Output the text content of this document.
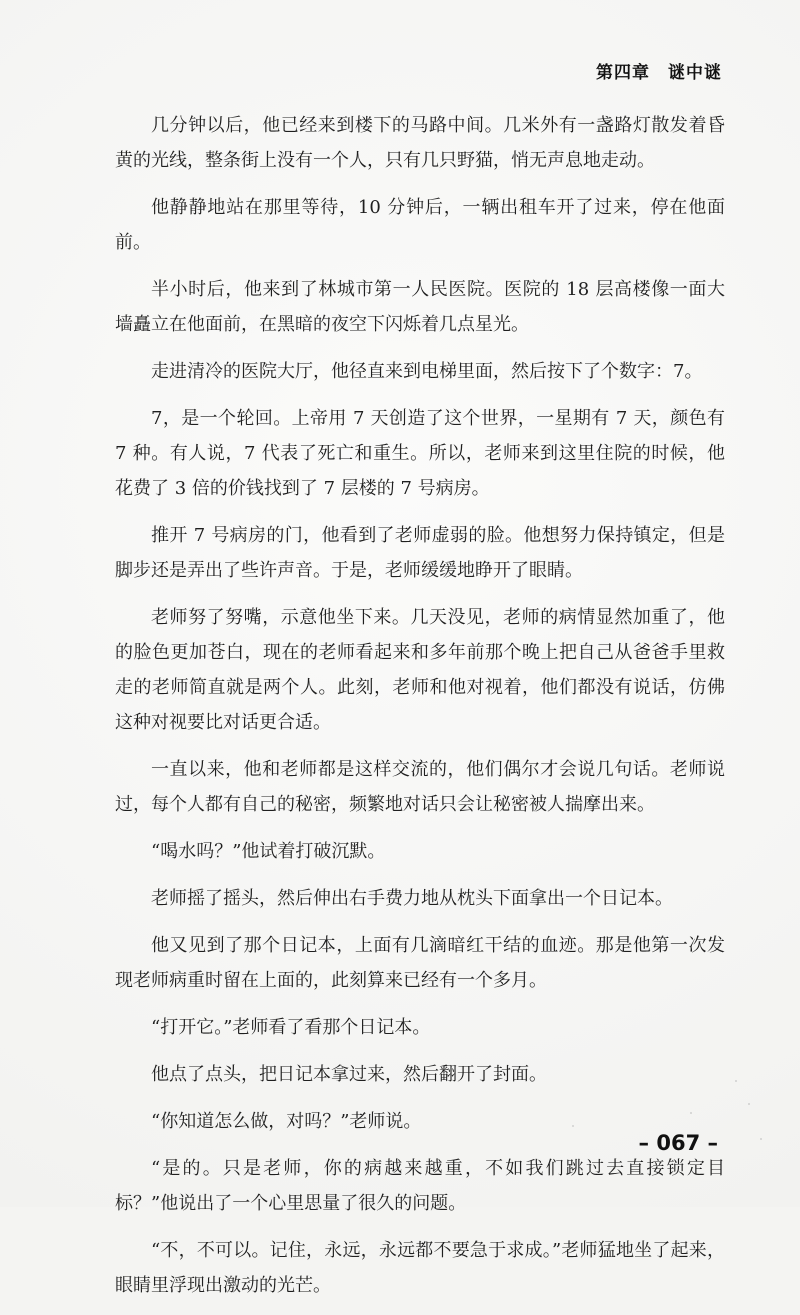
第四章　谜中谜

几分钟以后，他已经来到楼下的马路中间。几米外有一盏路灯散发着昏黄的光线，整条街上没有一个人，只有几只野猫，悄无声息地走动。

他静静地站在那里等待，10 分钟后，一辆出租车开了过来，停在他面前。

半小时后，他来到了林城市第一人民医院。医院的 18 层高楼像一面大墙矗立在他面前，在黑暗的夜空下闪烁着几点星光。

走进清冷的医院大厅，他径直来到电梯里面，然后按下了个数字：7。

7，是一个轮回。上帝用 7 天创造了这个世界，一星期有 7 天，颜色有 7 种。有人说，7 代表了死亡和重生。所以，老师来到这里住院的时候，他花费了 3 倍的价钱找到了 7 层楼的 7 号病房。

推开 7 号病房的门，他看到了老师虚弱的脸。他想努力保持镇定，但是脚步还是弄出了些许声音。于是，老师缓缓地睁开了眼睛。

老师努了努嘴，示意他坐下来。几天没见，老师的病情显然加重了，他的脸色更加苍白，现在的老师看起来和多年前那个晚上把自己从爸爸手里救走的老师简直就是两个人。此刻，老师和他对视着，他们都没有说话，仿佛这种对视要比对话更合适。

一直以来，他和老师都是这样交流的，他们偶尔才会说几句话。老师说过，每个人都有自己的秘密，频繁地对话只会让秘密被人揣摩出来。

“喝水吗？”他试着打破沉默。

老师摇了摇头，然后伸出右手费力地从枕头下面拿出一个日记本。

他又见到了那个日记本，上面有几滴暗红干结的血迹。那是他第一次发现老师病重时留在上面的，此刻算来已经有一个多月。

“打开它。”老师看了看那个日记本。

他点了点头，把日记本拿过来，然后翻开了封面。

“你知道怎么做，对吗？”老师说。

“是的。只是老师，你的病越来越重，不如我们跳过去直接锁定目标？”他说出了一个心里思量了很久的问题。

“不，不可以。记住，永远，永远都不要急于求成。”老师猛地坐了起来，眼睛里浮现出激动的光芒。

– 067 –
